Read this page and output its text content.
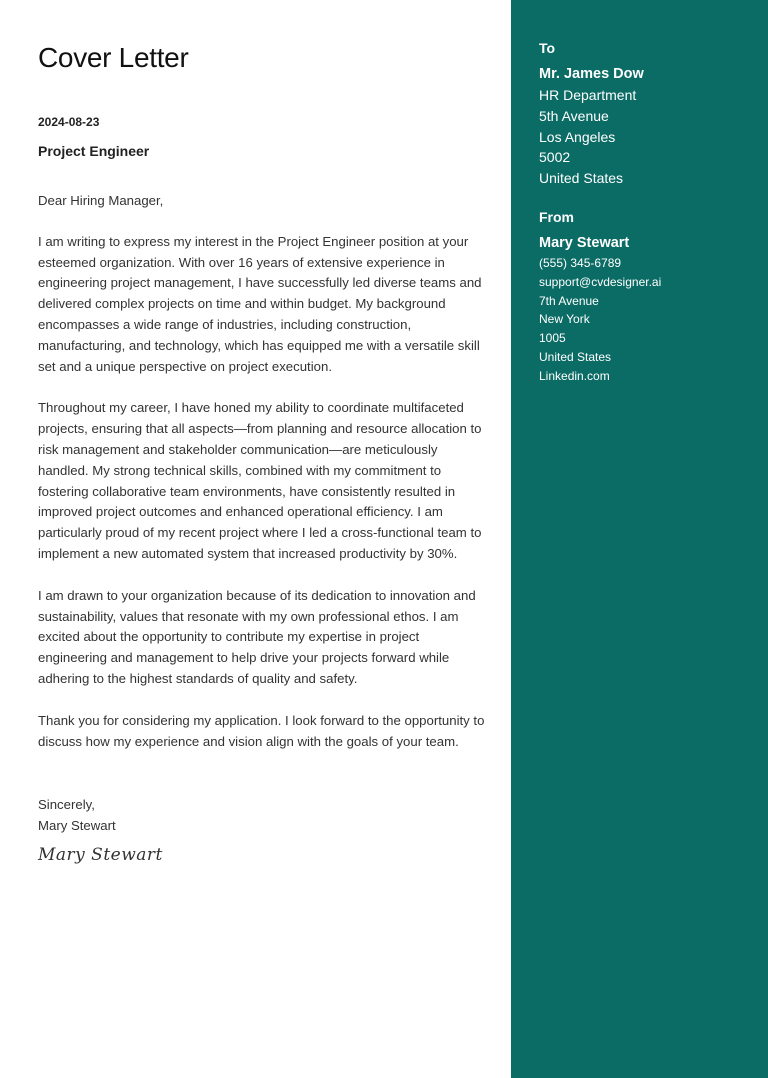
Cover Letter
2024-08-23
Project Engineer

Dear Hiring Manager,

I am writing to express my interest in the Project Engineer position at your esteemed organization. With over 16 years of extensive experience in engineering project management, I have successfully led diverse teams and delivered complex projects on time and within budget. My background encompasses a wide range of industries, including construction, manufacturing, and technology, which has equipped me with a versatile skill set and a unique perspective on project execution.

Throughout my career, I have honed my ability to coordinate multifaceted projects, ensuring that all aspects—from planning and resource allocation to risk management and stakeholder communication—are meticulously handled. My strong technical skills, combined with my commitment to fostering collaborative team environments, have consistently resulted in improved project outcomes and enhanced operational efficiency. I am particularly proud of my recent project where I led a cross-functional team to implement a new automated system that increased productivity by 30%.

I am drawn to your organization because of its dedication to innovation and sustainability, values that resonate with my own professional ethos. I am excited about the opportunity to contribute my expertise in project engineering and management to help drive your projects forward while adhering to the highest standards of quality and safety.

Thank you for considering my application. I look forward to the opportunity to discuss how my experience and vision align with the goals of your team.

Sincerely,
Mary Stewart
Mary Stewart
To
Mr. James Dow
HR Department
5th Avenue
Los Angeles
5002
United States
From
Mary Stewart
(555) 345-6789
support@cvdesigner.ai
7th Avenue
New York
1005
United States
Linkedin.com
